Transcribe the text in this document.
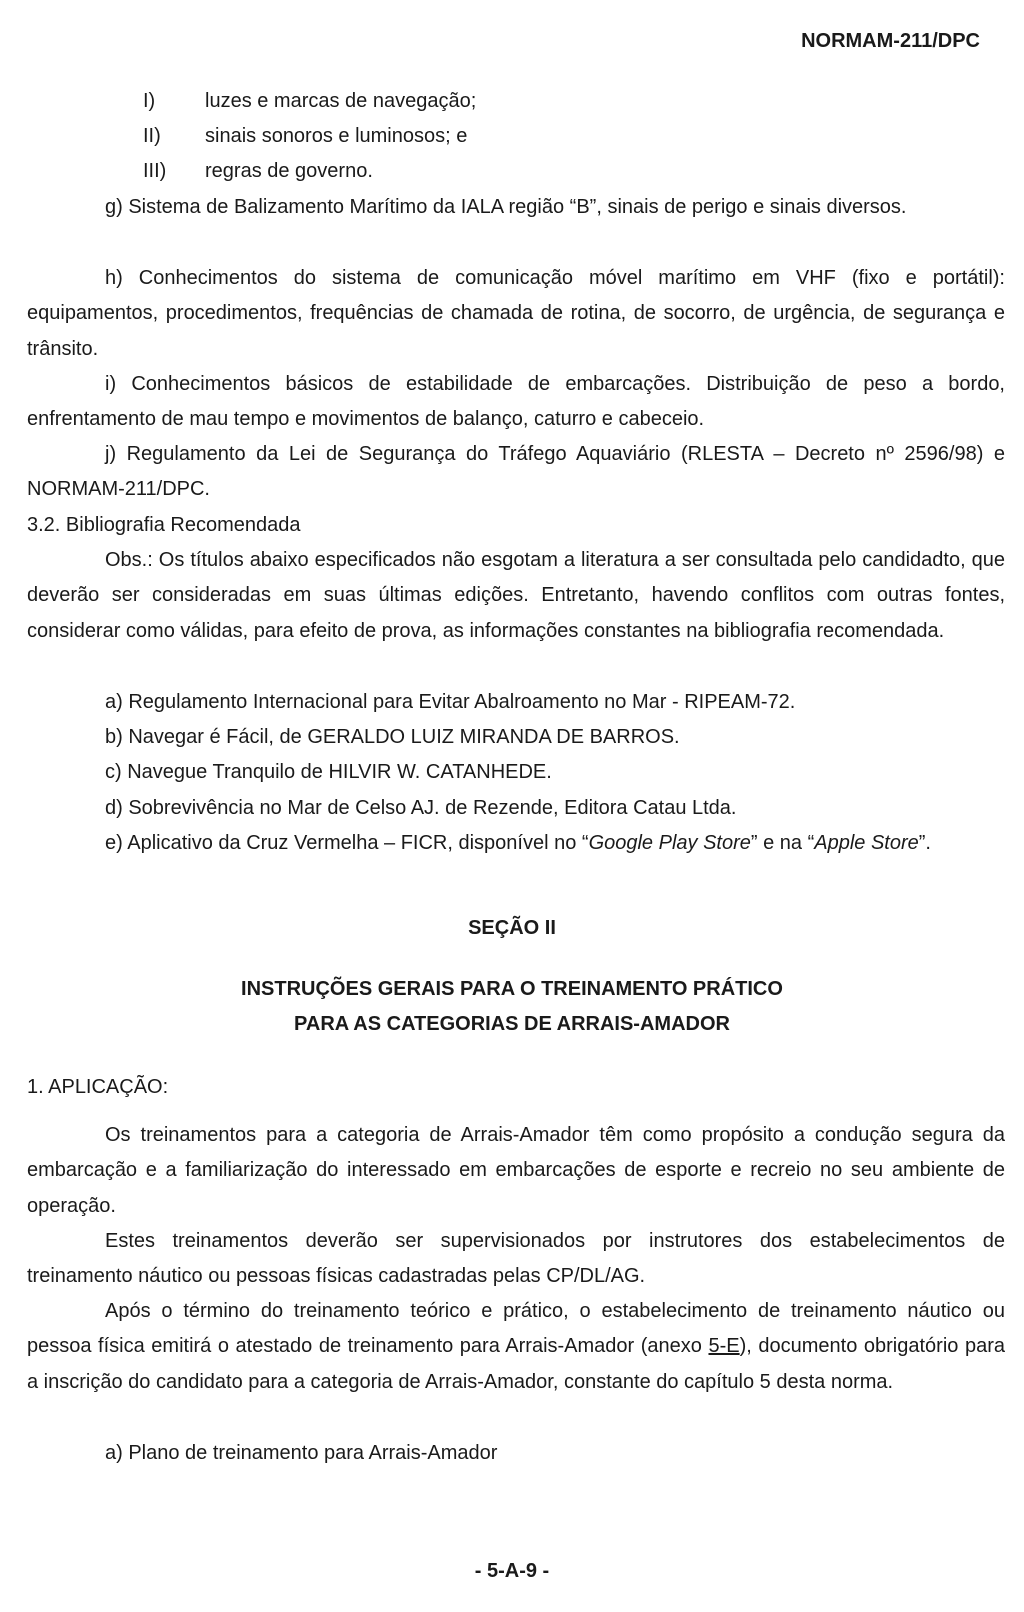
NORMAM-211/DPC
I) luzes e marcas de navegação;
II) sinais sonoros e luminosos; e
III) regras de governo.

g) Sistema de Balizamento Marítimo da IALA região “B”, sinais de perigo e sinais diversos.

h) Conhecimentos do sistema de comunicação móvel marítimo em VHF (fixo e portátil): equipamentos, procedimentos, frequências de chamada de rotina, de socorro, de urgência, de segurança e trânsito.

i) Conhecimentos básicos de estabilidade de embarcações. Distribuição de peso a bordo, enfrentamento de mau tempo e movimentos de balanço, caturro e cabeceio.

j) Regulamento da Lei de Segurança do Tráfego Aquaviário (RLESTA – Decreto nº 2596/98) e NORMAM-211/DPC.

3.2. Bibliografia Recomendada

Obs.: Os títulos abaixo especificados não esgotam a literatura a ser consultada pelo candidadto, que deverão ser consideradas em suas últimas edições. Entretanto, havendo conflitos com outras fontes, considerar como válidas, para efeito de prova, as informações constantes na bibliografia recomendada.

a) Regulamento Internacional para Evitar Abalroamento no Mar - RIPEAM-72.
b) Navegar é Fácil, de GERALDO LUIZ MIRANDA DE BARROS.
c) Navegue Tranquilo de HILVIR W. CATANHEDE.
d) Sobrevivência no Mar de Celso AJ. de Rezende, Editora Catau Ltda.

e) Aplicativo da Cruz Vermelha – FICR, disponível no “Google Play Store” e na “Apple Store”.

SEÇÃO II
INSTRUÇÕES GERAIS PARA O TREINAMENTO PRÁTICO
PARA AS CATEGORIAS DE ARRAIS-AMADOR
1. APLICAÇÃO:

Os treinamentos para a categoria de Arrais-Amador têm como propósito a condução segura da embarcação e a familiarização do interessado em embarcações de esporte e recreio no seu ambiente de operação.

Estes treinamentos deverão ser supervisionados por instrutores dos estabelecimentos de treinamento náutico ou pessoas físicas cadastradas pelas CP/DL/AG.

Após o término do treinamento teórico e prático, o estabelecimento de treinamento náutico ou pessoa física emitirá o atestado de treinamento para Arrais-Amador (anexo 5-E), documento obrigatório para a inscrição do candidato para a categoria de Arrais-Amador, constante do capítulo 5 desta norma.

a) Plano de treinamento para Arrais-Amador
- 5-A-9 -
